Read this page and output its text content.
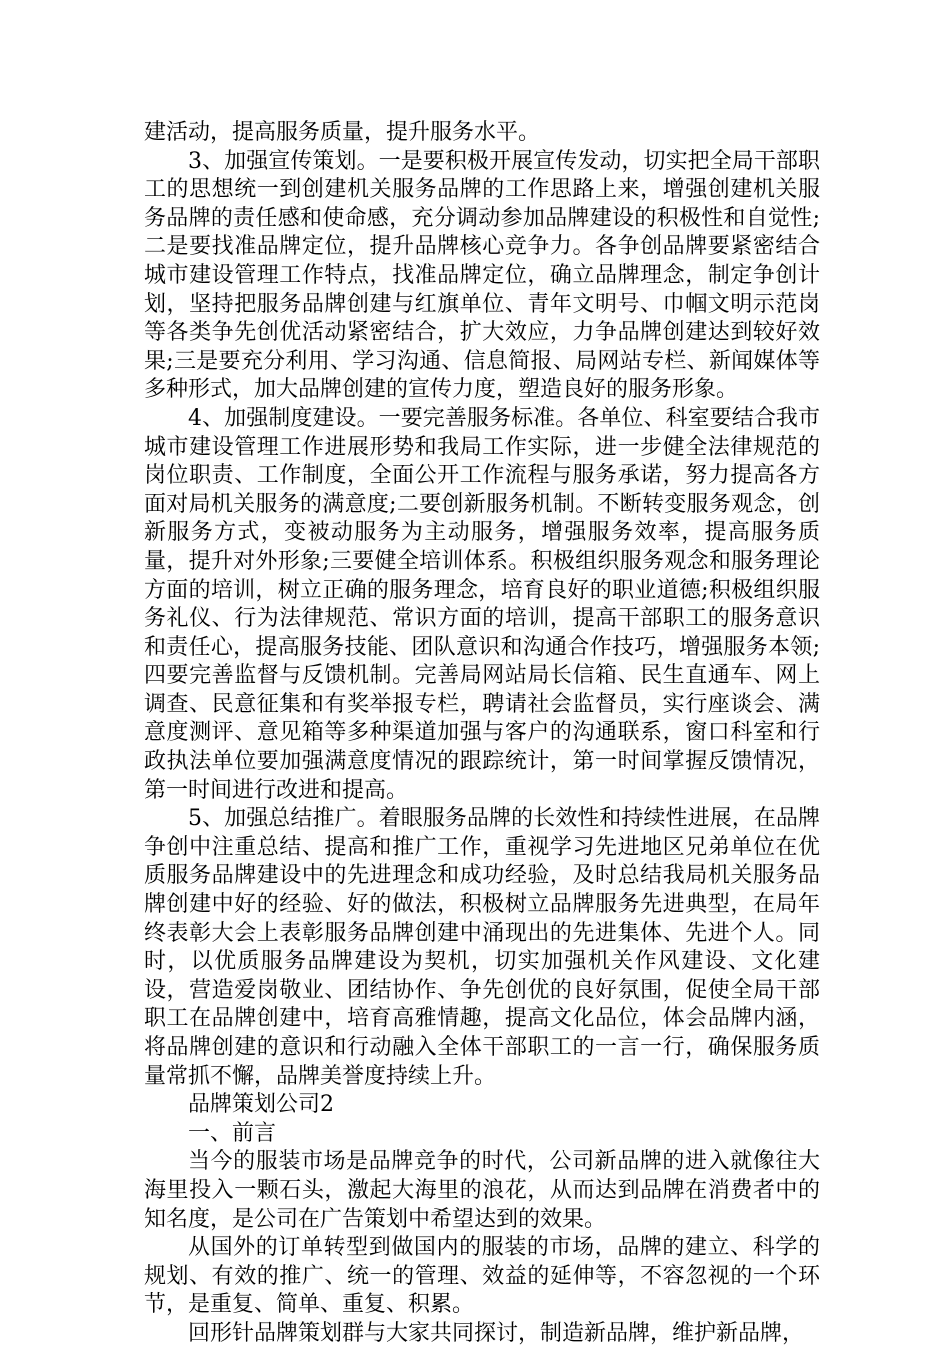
建活动，提高服务质量，提升服务水平。

3、加强宣传策划。一是要积极开展宣传发动，切实把全局干部职工的思想统一到创建机关服务品牌的工作思路上来，增强创建机关服务品牌的责任感和使命感，充分调动参加品牌建设的积极性和自觉性;二是要找准品牌定位，提升品牌核心竞争力。各争创品牌要紧密结合城市建设管理工作特点，找准品牌定位，确立品牌理念，制定争创计划，坚持把服务品牌创建与红旗单位、青年文明号、巾帼文明示范岗等各类争先创优活动紧密结合，扩大效应，力争品牌创建达到较好效果;三是要充分利用、学习沟通、信息简报、局网站专栏、新闻媒体等多种形式，加大品牌创建的宣传力度，塑造良好的服务形象。

4、加强制度建设。一要完善服务标准。各单位、科室要结合我市城市建设管理工作进展形势和我局工作实际，进一步健全法律规范的岗位职责、工作制度，全面公开工作流程与服务承诺，努力提高各方面对局机关服务的满意度;二要创新服务机制。不断转变服务观念，创新服务方式，变被动服务为主动服务，增强服务效率，提高服务质量，提升对外形象;三要健全培训体系。积极组织服务观念和服务理论方面的培训，树立正确的服务理念，培育良好的职业道德;积极组织服务礼仪、行为法律规范、常识方面的培训，提高干部职工的服务意识和责任心，提高服务技能、团队意识和沟通合作技巧，增强服务本领;四要完善监督与反馈机制。完善局网站局长信箱、民生直通车、网上调查、民意征集和有奖举报专栏，聘请社会监督员，实行座谈会、满意度测评、意见箱等多种渠道加强与客户的沟通联系，窗口科室和行政执法单位要加强满意度情况的跟踪统计，第一时间掌握反馈情况，第一时间进行改进和提高。

5、加强总结推广。着眼服务品牌的长效性和持续性进展，在品牌争创中注重总结、提高和推广工作，重视学习先进地区兄弟单位在优质服务品牌建设中的先进理念和成功经验，及时总结我局机关服务品牌创建中好的经验、好的做法，积极树立品牌服务先进典型，在局年终表彰大会上表彰服务品牌创建中涌现出的先进集体、先进个人。同时，以优质服务品牌建设为契机，切实加强机关作风建设、文化建设，营造爱岗敬业、团结协作、争先创优的良好氛围，促使全局干部职工在品牌创建中，培育高雅情趣，提高文化品位，体会品牌内涵，将品牌创建的意识和行动融入全体干部职工的一言一行，确保服务质量常抓不懈，品牌美誉度持续上升。

品牌策划公司2

一、前言

当今的服装市场是品牌竞争的时代，公司新品牌的进入就像往大海里投入一颗石头，激起大海里的浪花，从而达到品牌在消费者中的知名度，是公司在广告策划中希望达到的效果。

从国外的订单转型到做国内的服装的市场，品牌的建立、科学的规划、有效的推广、统一的管理、效益的延伸等，不容忽视的一个环节，是重复、简单、重复、积累。

回形针品牌策划群与大家共同探讨，制造新品牌，维护新品牌，
